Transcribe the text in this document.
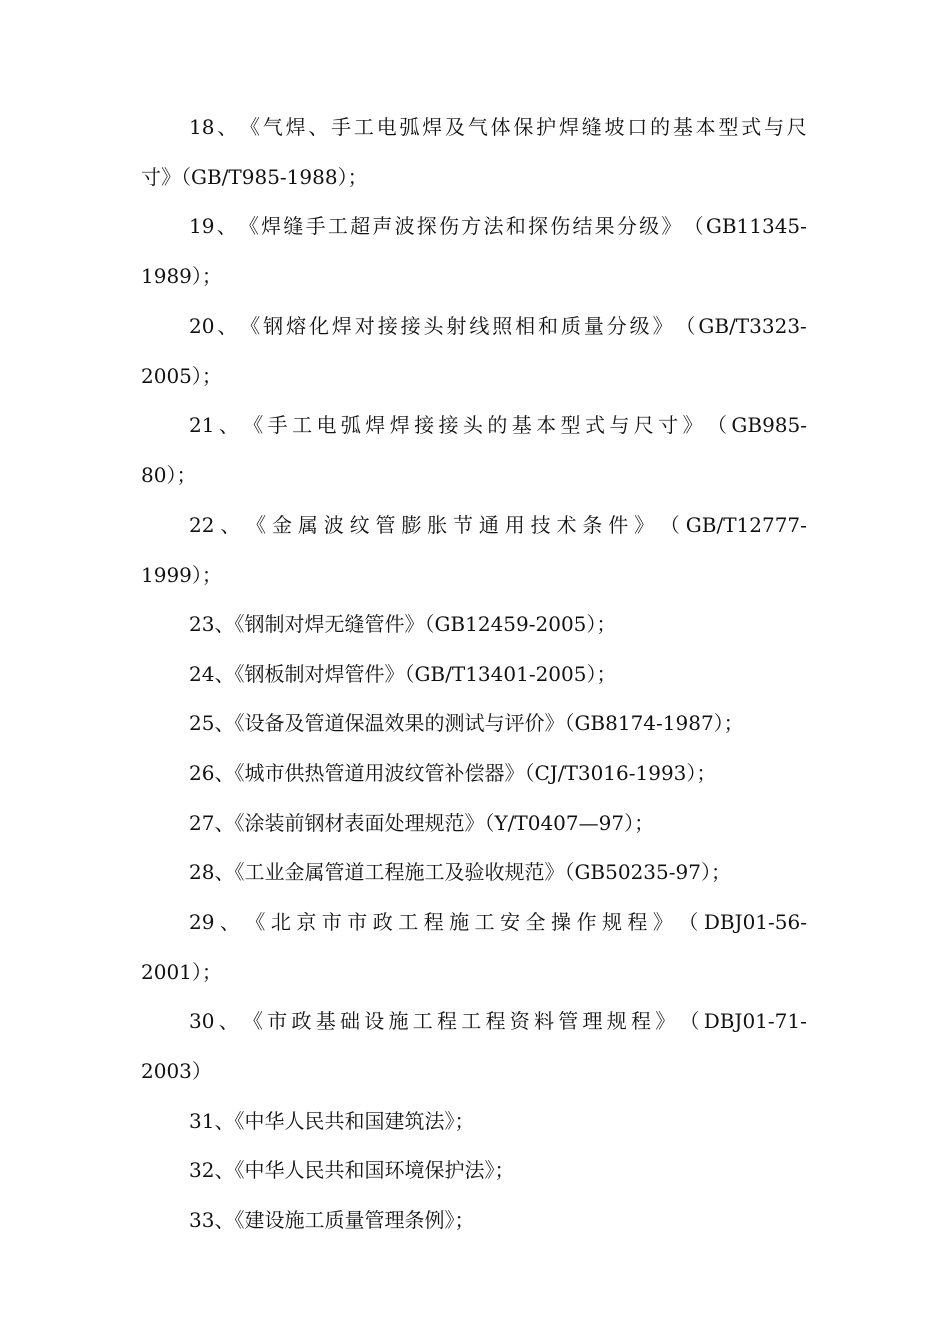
18 、 《 气 焊 、 手 工 电 弧 焊 及 气 体 保 护 焊 缝 坡 口 的 基 本 型 式 与 尺
寸》（GB/T985-1988）；
19 、 《 焊 缝 手 工 超 声 波 探 伤 方 法 和 探 伤 结 果 分 级 》 （ GB11345-
1989）；
20 、 《 钢 熔 化 焊 对 接 接 头 射 线 照 相 和 质 量 分 级 》 （ GB/T3323-
2005）；
21 、 《 手 工 电 弧 焊 焊 接 接 头 的 基 本 型 式 与 尺 寸 》 （ GB985-
80）；
22 、 《 金 属 波 纹 管 膨 胀 节 通 用 技 术 条 件 》 （ GB/T12777-
1999）；
23、《钢制对焊无缝管件》（GB12459-2005）；
24、《钢板制对焊管件》（GB/T13401-2005）；
25、《设备及管道保温效果的测试与评价》（GB8174-1987）；
26、《城市供热管道用波纹管补偿器》（CJ/T3016-1993）；
27、《涂装前钢材表面处理规范》（Y/T0407—97）；
28、《工业金属管道工程施工及验收规范》（GB50235-97）；
29 、 《 北 京 市 市 政 工 程 施 工 安 全 操 作 规 程 》 （ DBJ01-56-
2001）；
30 、 《 市 政 基 础 设 施 工 程 工 程 资 料 管 理 规 程 》 （ DBJ01-71-
2003）
31、《中华人民共和国建筑法》；
32、《中华人民共和国环境保护法》；
33、《建设施工质量管理条例》；
